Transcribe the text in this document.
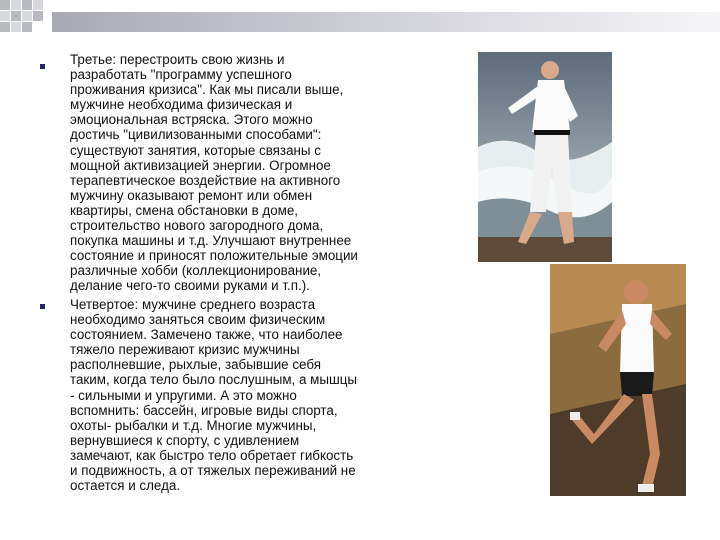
Третье: перестроить свою жизнь и
разработать "программу успешного
проживания кризиса". Как мы писали выше,
мужчине необходима физическая и
эмоциональная встряска. Этого можно
достичь "цивилизованными способами":
существуют занятия, которые связаны с
мощной активизацией энергии. Огромное
терапевтическое воздействие на активного
мужчину оказывают ремонт или обмен
квартиры, смена обстановки в доме,
строительство нового загородного дома,
покупка машины и т.д. Улучшают внутреннее
состояние и приносят положительные эмоции
различные хобби (коллекционирование,
делание чего-то своими руками и т.п.).
Четвертое: мужчине среднего возраста
необходимо заняться своим физическим
состоянием. Замечено также, что наиболее
тяжело переживают кризис мужчины
располневшие, рыхлые, забывшие себя
таким, когда тело было послушным, а мышцы
- сильными и упругими. А это можно
вспомнить: бассейн, игровые виды спорта,
охоты- рыбалки и т.д. Многие мужчины,
вернувшиеся к спорту, с удивлением
замечают, как быстро тело обретает гибкость
и подвижность, а от тяжелых переживаний не
остается и следа.
